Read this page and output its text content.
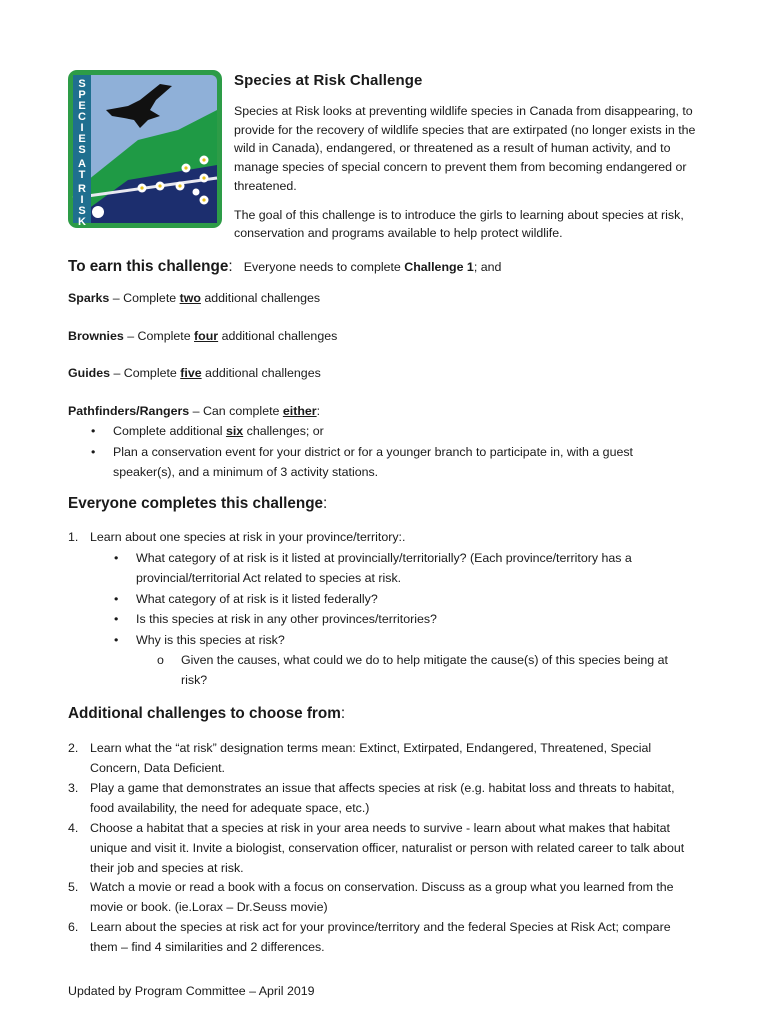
S
P
E
C
I
E
S
A
T
R
I
S
K
Species at Risk Challenge

Species at Risk looks at preventing wildlife species in Canada from disappearing, to provide for the recovery of wildlife species that are extirpated (no longer exists in the wild in Canada), endangered, or threatened as a result of human activity, and to manage species of special concern to prevent them from becoming endangered or threatened.

The goal of this challenge is to introduce the girls to learning about species at risk, conservation and programs available to help protect wildlife.

To earn this challenge: Everyone needs to complete Challenge 1; and
Sparks – Complete two additional challenges
Brownies – Complete four additional challenges
Guides – Complete five additional challenges
Pathfinders/Rangers – Can complete either:
• Complete additional six challenges; or
• Plan a conservation event for your district or for a younger branch to participate in, with a guest speaker(s), and a minimum of 3 activity stations.
Everyone completes this challenge:
1. Learn about one species at risk in your province/territory:.
• What category of at risk is it listed at provincially/territorially? (Each province/territory has a provincial/territorial Act related to species at risk.
• What category of at risk is it listed federally?
• Is this species at risk in any other provinces/territories?
• Why is this species at risk?
o Given the causes, what could we do to help mitigate the cause(s) of this species being at risk?
Additional challenges to choose from:
2. Learn what the “at risk” designation terms mean: Extinct, Extirpated, Endangered, Threatened, Special Concern, Data Deficient.
3. Play a game that demonstrates an issue that affects species at risk (e.g. habitat loss and threats to habitat, food availability, the need for adequate space, etc.)
4. Choose a habitat that a species at risk in your area needs to survive - learn about what makes that habitat unique and visit it. Invite a biologist, conservation officer, naturalist or person with related career to talk about their job and species at risk.
5. Watch a movie or read a book with a focus on conservation. Discuss as a group what you learned from the movie or book. (ie.Lorax – Dr.Seuss movie)
6. Learn about the species at risk act for your province/territory and the federal Species at Risk Act; compare them – find 4 similarities and 2 differences.
Updated by Program Committee – April 2019
